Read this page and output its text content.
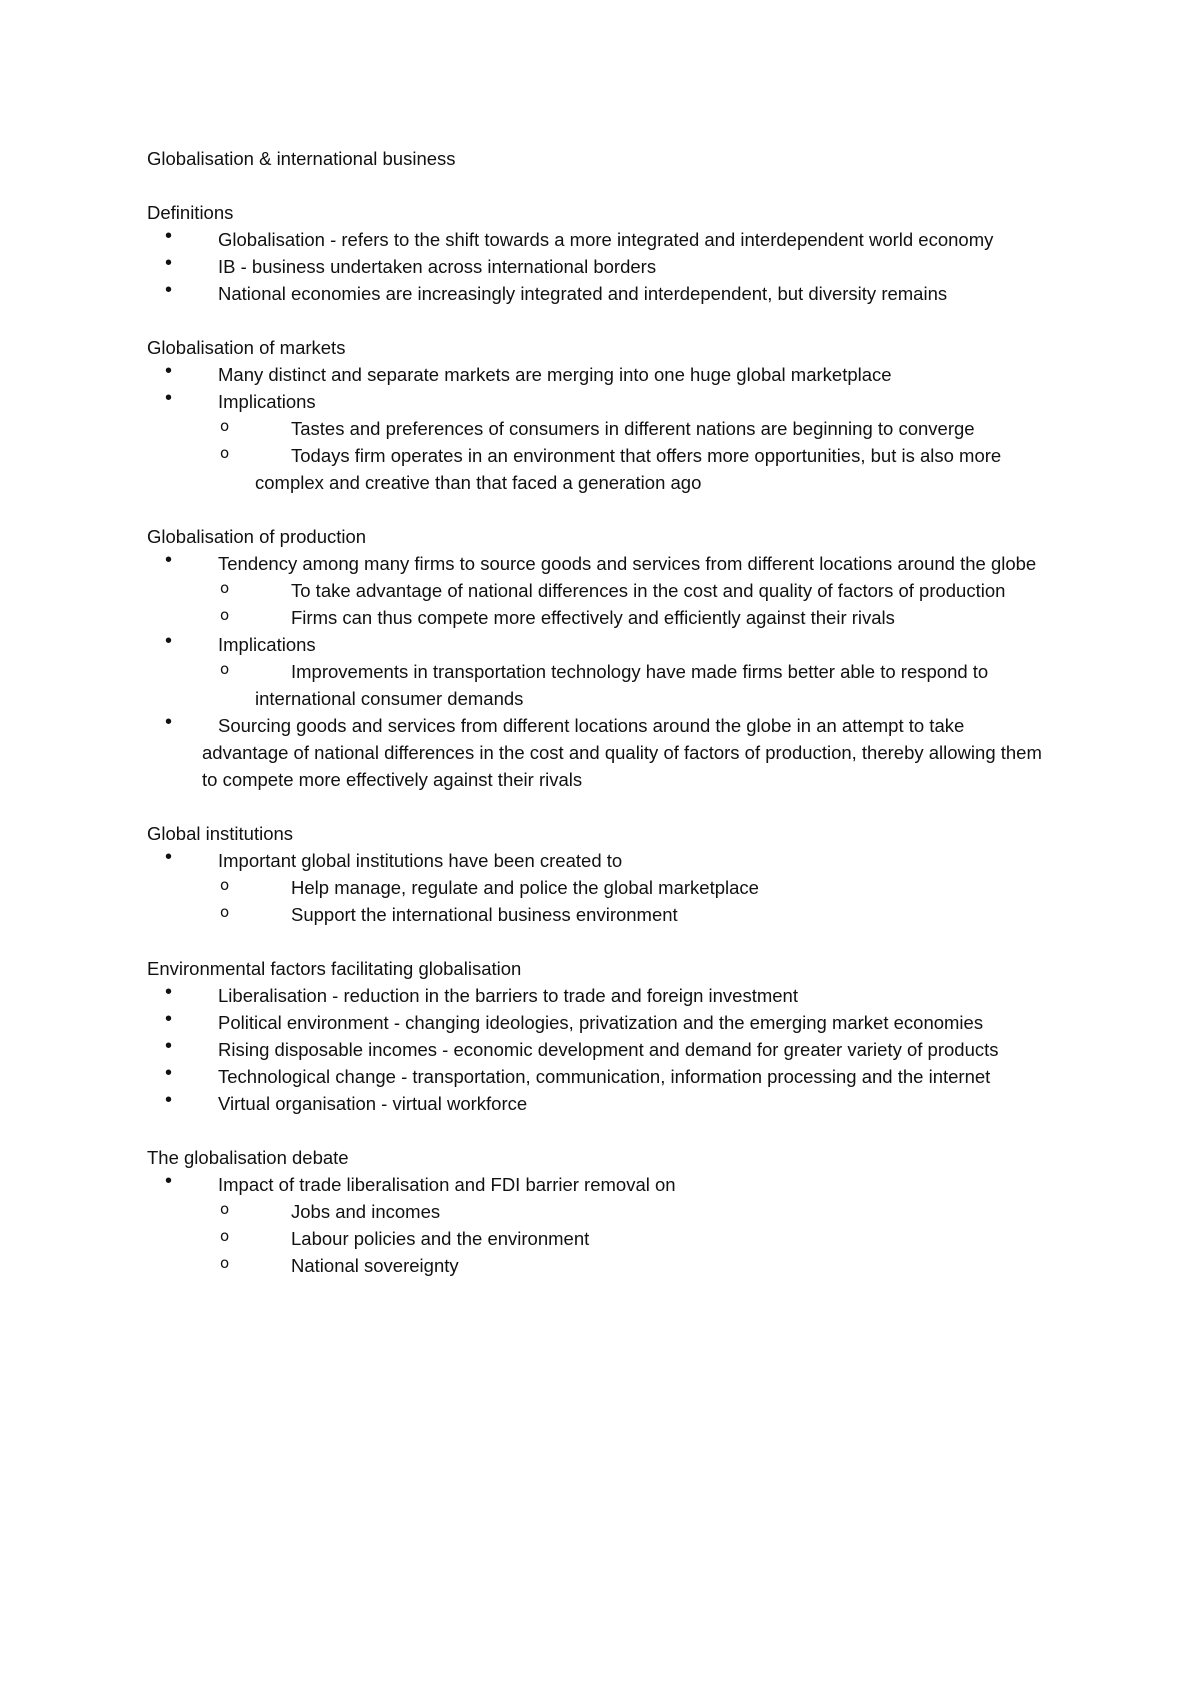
Globalisation & international business
Definitions
• Globalisation - refers to the shift towards a more integrated and interdependent world economy
• IB - business undertaken across international borders
• National economies are increasingly integrated and interdependent, but diversity remains
Globalisation of markets
• Many distinct and separate markets are merging into one huge global marketplace
• Implications
o Tastes and preferences of consumers in different nations are beginning to converge
o Todays firm operates in an environment that offers more opportunities, but is also more complex and creative than that faced a generation ago
Globalisation of production
• Tendency among many firms to source goods and services from different locations around the globe
o To take advantage of national differences in the cost and quality of factors of production
o Firms can thus compete more effectively and efficiently against their rivals
• Implications
o Improvements in transportation technology have made firms better able to respond to international consumer demands
• Sourcing goods and services from different locations around the globe in an attempt to take advantage of national differences in the cost and quality of factors of production, thereby allowing them to compete more effectively against their rivals
Global institutions
• Important global institutions have been created to
o Help manage, regulate and police the global marketplace
o Support the international business environment
Environmental factors facilitating globalisation
• Liberalisation - reduction in the barriers to trade and foreign investment
• Political environment - changing ideologies, privatization and the emerging market economies
• Rising disposable incomes - economic development and demand for greater variety of products
• Technological change - transportation, communication, information processing and the internet
• Virtual organisation - virtual workforce
The globalisation debate
• Impact of trade liberalisation and FDI barrier removal on
o Jobs and incomes
o Labour policies and the environment
o National sovereignty
